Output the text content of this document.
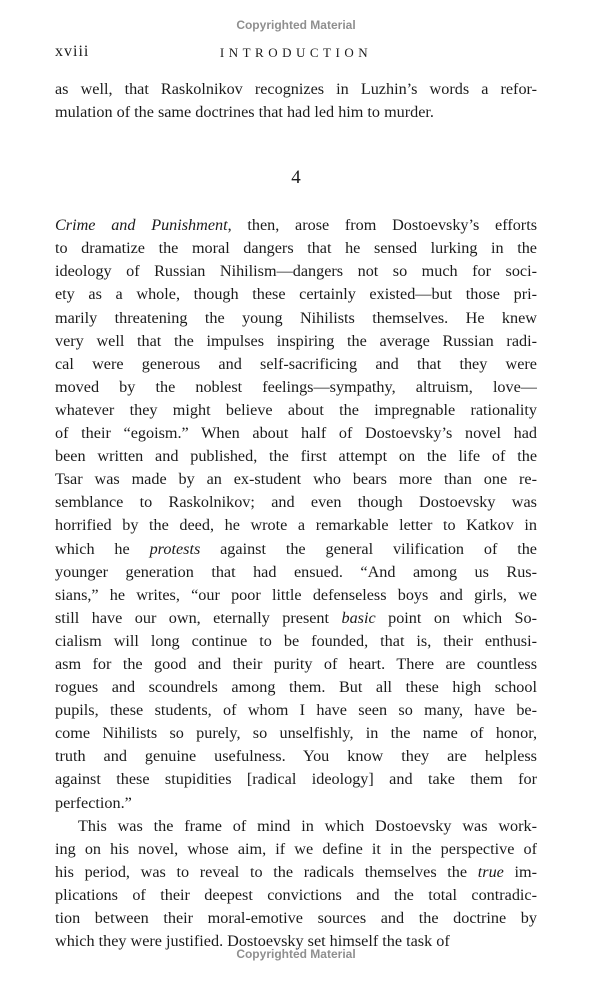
Copyrighted Material
xviii	INTRODUCTION
as well, that Raskolnikov recognizes in Luzhin’s words a refor-
mulation of the same doctrines that had led him to murder.
4
Crime and Punishment, then, arose from Dostoevsky’s efforts
to dramatize the moral dangers that he sensed lurking in the
ideology of Russian Nihilism—dangers not so much for soci-
ety as a whole, though these certainly existed—but those pri-
marily threatening the young Nihilists themselves. He knew
very well that the impulses inspiring the average Russian radi-
cal were generous and self-sacrificing and that they were
moved by the noblest feelings—sympathy, altruism, love—
whatever they might believe about the impregnable rationality
of their “egoism.” When about half of Dostoevsky’s novel had
been written and published, the first attempt on the life of the
Tsar was made by an ex-student who bears more than one re-
semblance to Raskolnikov; and even though Dostoevsky was
horrified by the deed, he wrote a remarkable letter to Katkov in
which he protests against the general vilification of the
younger generation that had ensued. “And among us Rus-
sians,” he writes, “our poor little defenseless boys and girls, we
still have our own, eternally present basic point on which So-
cialism will long continue to be founded, that is, their enthusi-
asm for the good and their purity of heart. There are countless
rogues and scoundrels among them. But all these high school
pupils, these students, of whom I have seen so many, have be-
come Nihilists so purely, so unselfishly, in the name of honor,
truth and genuine usefulness. You know they are helpless
against these stupidities [radical ideology] and take them for
perfection.”
This was the frame of mind in which Dostoevsky was work-
ing on his novel, whose aim, if we define it in the perspective of
his period, was to reveal to the radicals themselves the true im-
plications of their deepest convictions and the total contradic-
tion between their moral-emotive sources and the doctrine by
which they were justified. Dostoevsky set himself the task of
Copyrighted Material
